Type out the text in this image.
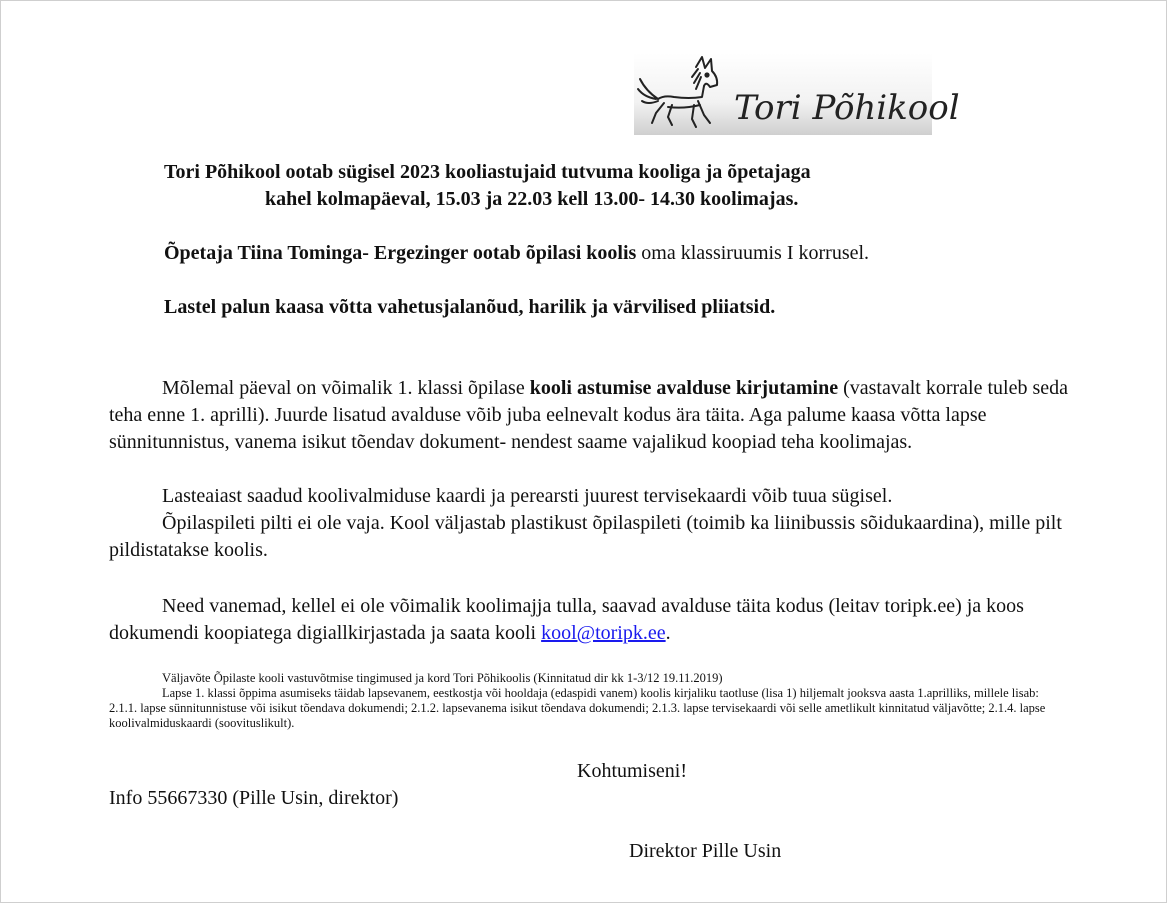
Tori Põhikool
Tori Põhikool ootab sügisel 2023 kooliastujaid tutvuma kooliga ja õpetajaga
kahel kolmapäeval, 15.03 ja 22.03 kell 13.00- 14.30 koolimajas.
Õpetaja Tiina Tominga- Ergezinger ootab õpilasi koolis oma klassiruumis I korrusel.
Lastel palun kaasa võtta vahetusjalanõud, harilik ja värvilised pliiatsid.
Mõlemal päeval on võimalik 1. klassi õpilase kooli astumise avalduse kirjutamine (vastavalt korrale tuleb seda teha enne 1. aprilli). Juurde lisatud avalduse võib juba eelnevalt kodus ära täita. Aga palume kaasa võtta lapse sünnitunnistus, vanema isikut tõendav dokument- nendest saame vajalikud koopiad teha koolimajas.
Lasteaiast saadud koolivalmiduse kaardi ja perearsti juurest tervisekaardi võib tuua sügisel.
Õpilaspileti pilti ei ole vaja. Kool väljastab plastikust õpilaspileti (toimib ka liinibussis sõidukaardina), mille pilt pildistatakse koolis.
Need vanemad, kellel ei ole võimalik koolimajja tulla, saavad avalduse täita kodus (leitav toripk.ee) ja koos dokumendi koopiatega digiallkirjastada ja saata kooli kool@toripk.ee.
Väljavõte Õpilaste kooli vastuvõtmise tingimused ja kord Tori Põhikoolis (Kinnitatud dir kk 1-3/12 19.11.2019)
Lapse 1. klassi õppima asumiseks täidab lapsevanem, eestkostja või hooldaja (edaspidi vanem) koolis kirjaliku taotluse (lisa 1) hiljemalt jooksva aasta 1.aprilliks, millele lisab: 2.1.1. lapse sünnitunnistuse või isikut tõendava dokumendi; 2.1.2. lapsevanema isikut tõendava dokumendi; 2.1.3. lapse tervisekaardi või selle ametlikult kinnitatud väljavõtte; 2.1.4. lapse koolivalmiduskaardi (soovituslikult).
Kohtumiseni!
Info 55667330 (Pille Usin, direktor)
Direktor Pille Usin
